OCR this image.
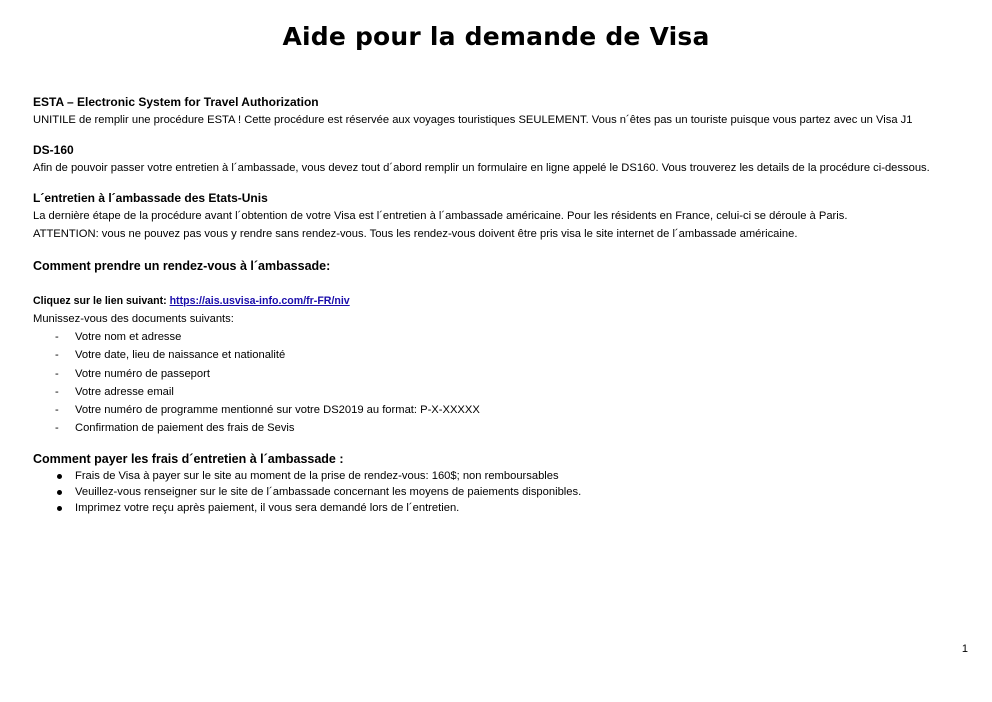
Aide pour la demande de Visa
ESTA – Electronic System for Travel Authorization

UNITILE de remplir une procédure ESTA ! Cette procédure est réservée aux voyages touristiques SEULEMENT. Vous n´êtes pas un touriste puisque vous partez avec un Visa J1

DS-160

Afin de pouvoir passer votre entretien à l´ambassade, vous devez tout d´abord remplir un formulaire en ligne appelé le DS160. Vous trouverez les details de la procédure ci-dessous.

L´entretien à l´ambassade des Etats-Unis

La dernière étape de la procédure avant l´obtention de votre Visa est l´entretien à l´ambassade américaine. Pour les résidents en France, celui-ci se déroule à Paris.

ATTENTION: vous ne pouvez pas vous y rendre sans rendez-vous. Tous les rendez-vous doivent être pris visa le site internet de l´ambassade américaine.

Comment prendre un rendez-vous à l´ambassade:
Cliquez sur le lien suivant: https://ais.usvisa-info.com/fr-FR/niv
Munissez-vous des documents suivants:
- Votre nom et adresse
- Votre date, lieu de naissance et nationalité
- Votre numéro de passeport
- Votre adresse email
- Votre numéro de programme mentionné sur votre DS2019 au format: P-X-XXXXX
- Confirmation de paiement des frais de Sevis
Comment payer les frais d´entretien à l´ambassade :
Frais de Visa à payer sur le site au moment de la prise de rendez-vous: 160$; non remboursables
Veuillez-vous renseigner sur le site de l´ambassade concernant les moyens de paiements disponibles.
Imprimez votre reçu après paiement, il vous sera demandé lors de l´entretien.
1
